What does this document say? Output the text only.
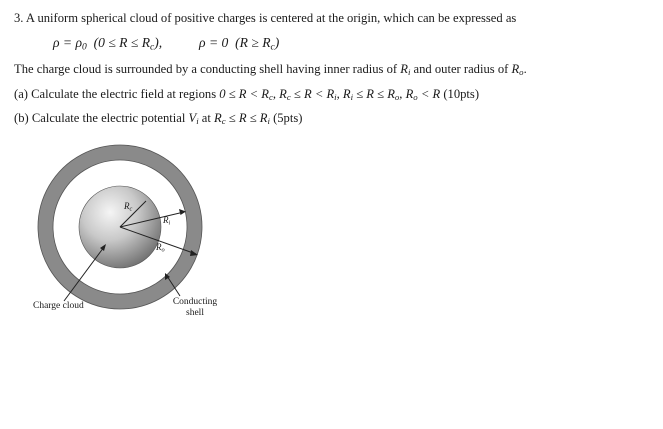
3. A uniform spherical cloud of positive charges is centered at the origin, which can be expressed as
$\rho = \rho_0$  $(0 \le R \le R_c)$,	ρ = 0  $(R \ge R_c)$
The charge cloud is surrounded by a conducting shell having inner radius of $R_i$ and outer radius of $R_o$.
(a) Calculate the electric field at regions $0 \le R < R_c$, $R_c \le R < R_i$, $R_i \le R \le R_o$, $R_o < R$ (10pts)
(b) Calculate the electric potential $V_i$ at $R_c \le R \le R_i$ (5pts)
$R_c$
$R_i$
$R_o$
Charge cloud	Conducting
shell
